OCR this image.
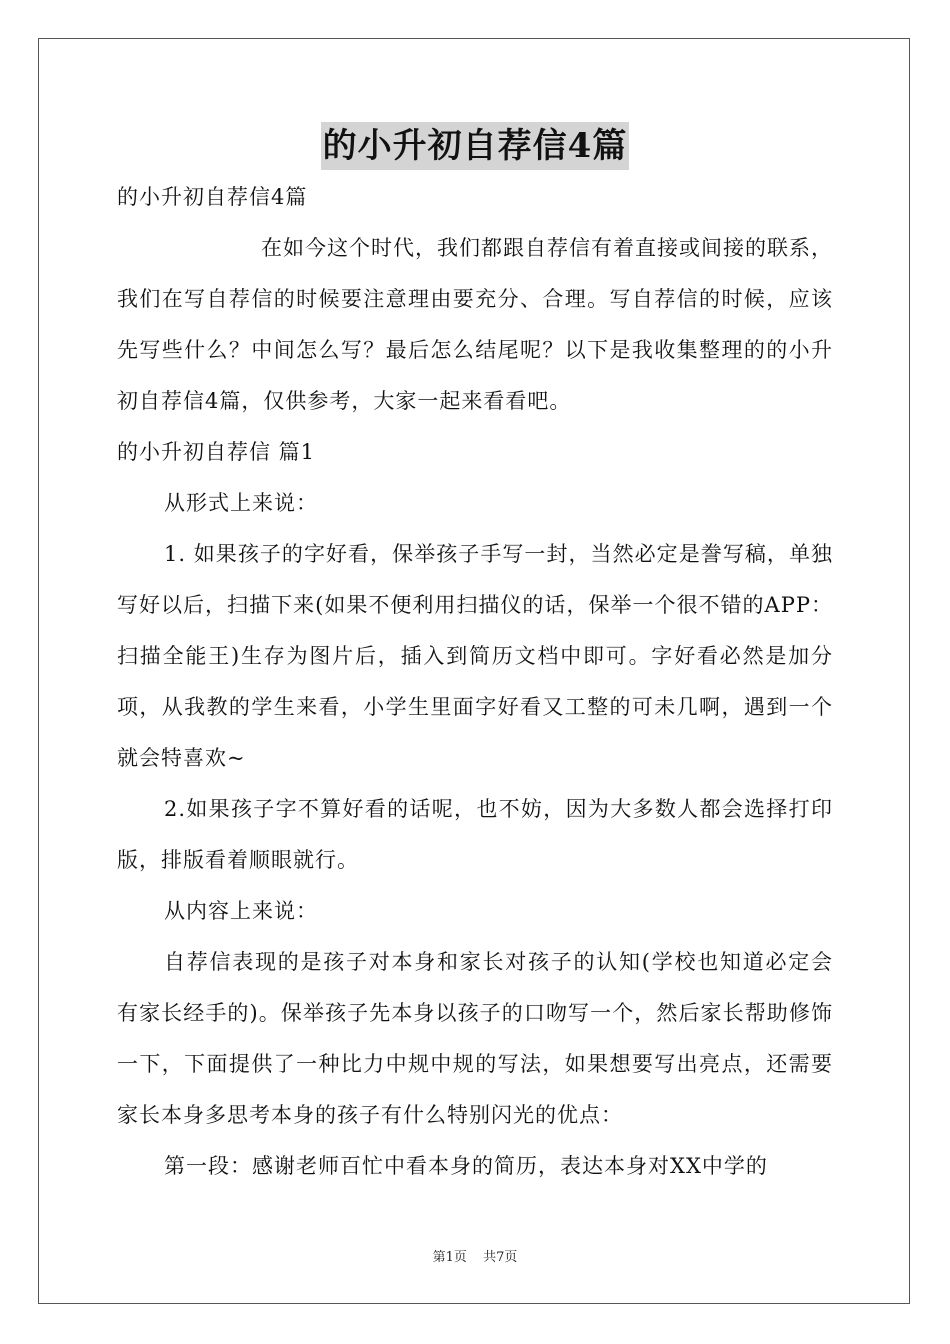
的小升初自荐信4篇

的小升初自荐信4篇

在如今这个时代，我们都跟自荐信有着直接或间接的联系，我们在写自荐信的时候要注意理由要充分、合理。写自荐信的时候，应该先写些什么？中间怎么写？最后怎么结尾呢？以下是我收集整理的的小升初自荐信4篇，仅供参考，大家一起来看看吧。

的小升初自荐信 篇1

从形式上来说：

1. 如果孩子的字好看，保举孩子手写一封，当然必定是誊写稿，单独写好以后，扫描下来(如果不便利用扫描仪的话，保举一个很不错的APP：扫描全能王)生存为图片后，插入到简历文档中即可。字好看必然是加分项，从我教的学生来看，小学生里面字好看又工整的可未几啊，遇到一个就会特喜欢~

2.如果孩子字不算好看的话呢，也不妨，因为大多数人都会选择打印版，排版看着顺眼就行。

从内容上来说：

自荐信表现的是孩子对本身和家长对孩子的认知(学校也知道必定会有家长经手的)。保举孩子先本身以孩子的口吻写一个，然后家长帮助修饰一下，下面提供了一种比力中规中规的写法，如果想要写出亮点，还需要家长本身多思考本身的孩子有什么特别闪光的优点：

第一段：感谢老师百忙中看本身的简历，表达本身对XX中学的

第1页 共7页
